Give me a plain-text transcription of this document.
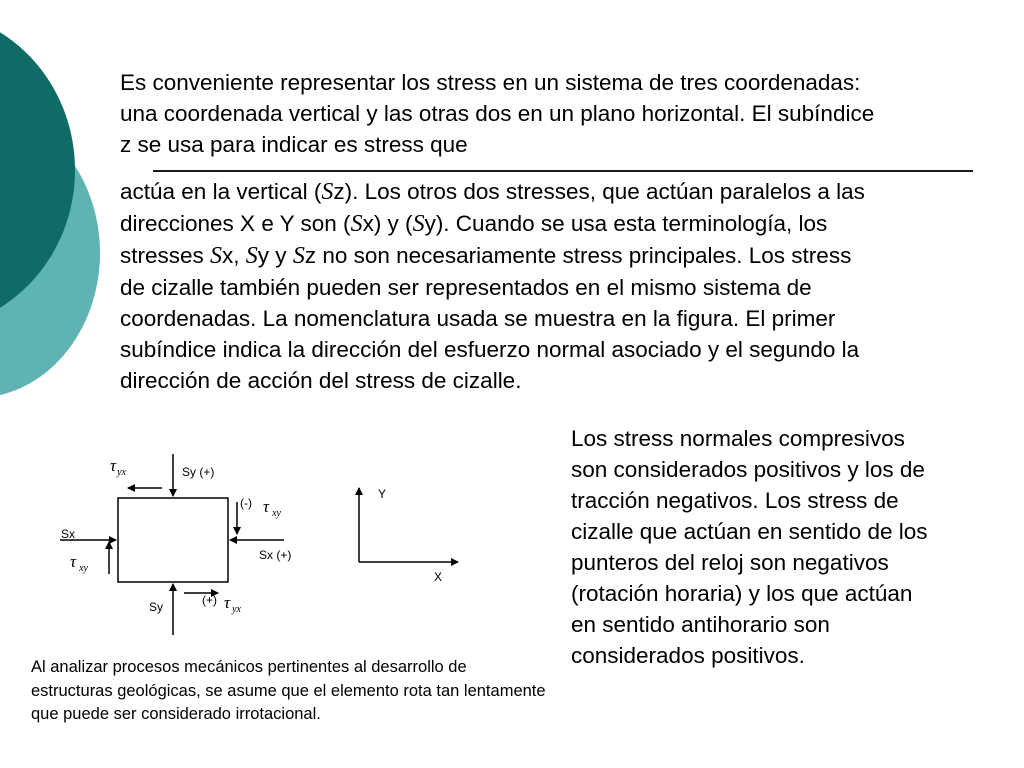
Es conveniente representar los stress en un sistema de tres coordenadas: una coordenada vertical y las otras dos en un plano horizontal. El subíndice z se usa para indicar es stress que

actúa en la vertical (Sz). Los otros dos stresses, que actúan paralelos a las direcciones X e Y son (Sx) y (Sy). Cuando se usa esta terminología, los stresses Sx, Sy y Sz no son necesariamente stress principales. Los stress de cizalle también pueden ser representados en el mismo sistema de coordenadas. La nomenclatura usada se muestra en la figura. El primer subíndice indica la dirección del esfuerzo normal asociado y el segundo la dirección de acción del stress de cizalle.

Los stress normales compresivos son considerados positivos y los de tracción negativos. Los stress de cizalle que actúan en sentido de los punteros del reloj son negativos (rotación horaria) y los que actúan en sentido antihorario son considerados positivos.

Al analizar procesos mecánicos pertinentes al desarrollo de estructuras geológicas, se asume que el elemento rota tan lentamente que puede ser considerado irrotacional.

$\tau_{yx}$	Sy (+)
(-) τ $_{xy}$
Sx
Sx (+)
τ $_{xy}$
Sy	(+) τ $_{yx}$
Y
X
